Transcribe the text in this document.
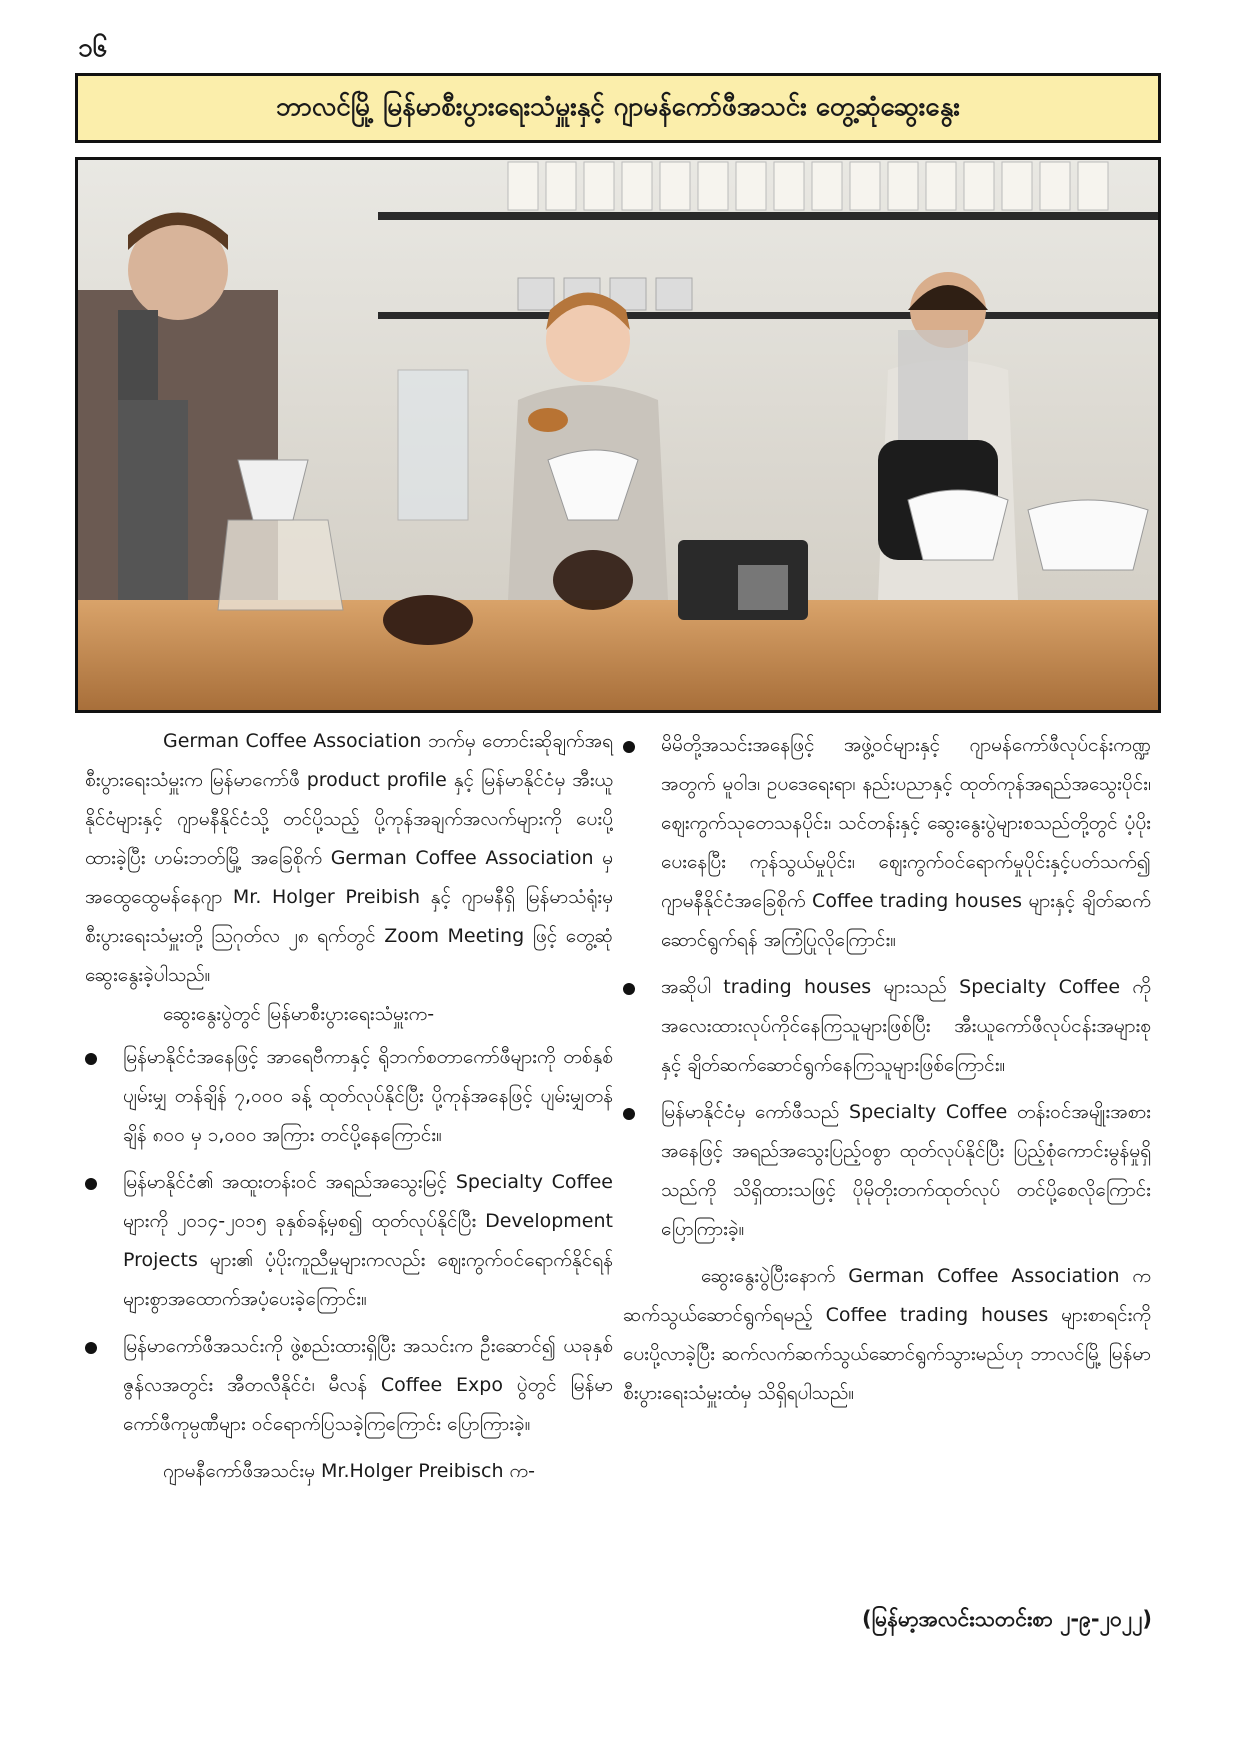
၁၆
ဘာလင်မြို့ မြန်မာစီးပွားရေးသံမှူးနှင့် ဂျာမန်ကော်ဖီအသင်း တွေ့ဆုံဆွေးနွေး

German Coffee Association ဘက်မှ တောင်းဆိုချက်အရ စီးပွားရေးသံမှူးက မြန်မာကော်ဖီ product profile နှင့် မြန်မာနိုင်ငံမှ အီးယူနိုင်ငံများနှင့် ဂျာမနီနိုင်ငံသို့ တင်ပို့သည့် ပို့ကုန်အချက်အလက်များကို ပေးပို့ထားခဲ့ပြီး ဟမ်းဘတ်မြို့ အခြေစိုက် German Coffee Association မှ အထွေထွေမန်နေဂျာ Mr. Holger Preibish နှင့် ဂျာမနီရှိ မြန်မာသံရုံးမှ စီးပွားရေးသံမှူးတို့ ဩဂုတ်လ ၂၈ ရက်တွင် Zoom Meeting ဖြင့် တွေ့ဆုံဆွေးနွေးခဲ့ပါသည်။

ဆွေးနွေးပွဲတွင် မြန်မာစီးပွားရေးသံမှူးက-

မြန်မာနိုင်ငံအနေဖြင့် အာရေဗီကာနှင့် ရိုဘက်စတာကော်ဖီများကို တစ်နှစ်ပျမ်းမျှ တန်ချိန် ၇,၀၀၀ ခန့် ထုတ်လုပ်နိုင်ပြီး ပို့ကုန်အနေဖြင့် ပျမ်းမျှတန်ချိန် ၈၀၀ မှ ၁,၀၀၀ အကြား တင်ပို့နေကြောင်း။
မြန်မာနိုင်ငံ၏ အထူးတန်းဝင် အရည်အသွေးမြင့် Specialty Coffee များကို ၂၀၁၄-၂၀၁၅ ခုနှစ်ခန့်မှစ၍ ထုတ်လုပ်နိုင်ပြီး Development Projects များ၏ ပံ့ပိုးကူညီမှုများကလည်း ဈေးကွက်ဝင်ရောက်နိုင်ရန် များစွာအထောက်အပံ့ပေးခဲ့ကြောင်း။
မြန်မာကော်ဖီအသင်းကို ဖွဲ့စည်းထားရှိပြီး အသင်းက ဦးဆောင်၍ ယခုနှစ် ဇွန်လအတွင်း အီတလီနိုင်ငံ၊ မီလန် Coffee Expo ပွဲတွင် မြန်မာကော်ဖီကုမ္ပဏီများ ဝင်ရောက်ပြသခဲ့ကြကြောင်း ပြောကြားခဲ့။

ဂျာမနီကော်ဖီအသင်းမှ Mr.Holger Preibisch က-

မိမိတို့အသင်းအနေဖြင့် အဖွဲ့ဝင်များနှင့် ဂျာမန်ကော်ဖီလုပ်ငန်းကဏ္ဍအတွက် မူဝါဒ၊ ဥပဒေရေးရာ၊ နည်းပညာနှင့် ထုတ်ကုန်အရည်အသွေးပိုင်း၊ ဈေးကွက်သုတေသနပိုင်း၊ သင်တန်းနှင့် ဆွေးနွေးပွဲများစသည်တို့တွင် ပံ့ပိုးပေးနေပြီး ကုန်သွယ်မှုပိုင်း၊ ဈေးကွက်ဝင်ရောက်မှုပိုင်းနှင့်ပတ်သက်၍ ဂျာမနီနိုင်ငံအခြေစိုက် Coffee trading houses များနှင့် ချိတ်ဆက်ဆောင်ရွက်ရန် အကြံပြုလိုကြောင်း။
အဆိုပါ trading houses များသည် Specialty Coffee ကို အလေးထားလုပ်ကိုင်နေကြသူများဖြစ်ပြီး အီးယူကော်ဖီလုပ်ငန်းအများစုနှင့် ချိတ်ဆက်ဆောင်ရွက်နေကြသူများဖြစ်ကြောင်း။
မြန်မာနိုင်ငံမှ ကော်ဖီသည် Specialty Coffee တန်းဝင်အမျိုးအစားအနေဖြင့် အရည်အသွေးပြည့်ဝစွာ ထုတ်လုပ်နိုင်ပြီး ပြည့်စုံကောင်းမွန်မှုရှိသည်ကို သိရှိထားသဖြင့် ပိုမိုတိုးတက်ထုတ်လုပ် တင်ပို့စေလိုကြောင်း ပြောကြားခဲ့။

ဆွေးနွေးပွဲပြီးနောက် German Coffee Association က ဆက်သွယ်ဆောင်ရွက်ရမည့် Coffee trading houses များစာရင်းကို ပေးပို့လာခဲ့ပြီး ဆက်လက်ဆက်သွယ်ဆောင်ရွက်သွားမည်ဟု ဘာလင်မြို့ မြန်မာစီးပွားရေးသံမှူးထံမှ သိရှိရပါသည်။

(မြန်မာ့အလင်းသတင်းစာ ၂-၉-၂၀၂၂)
